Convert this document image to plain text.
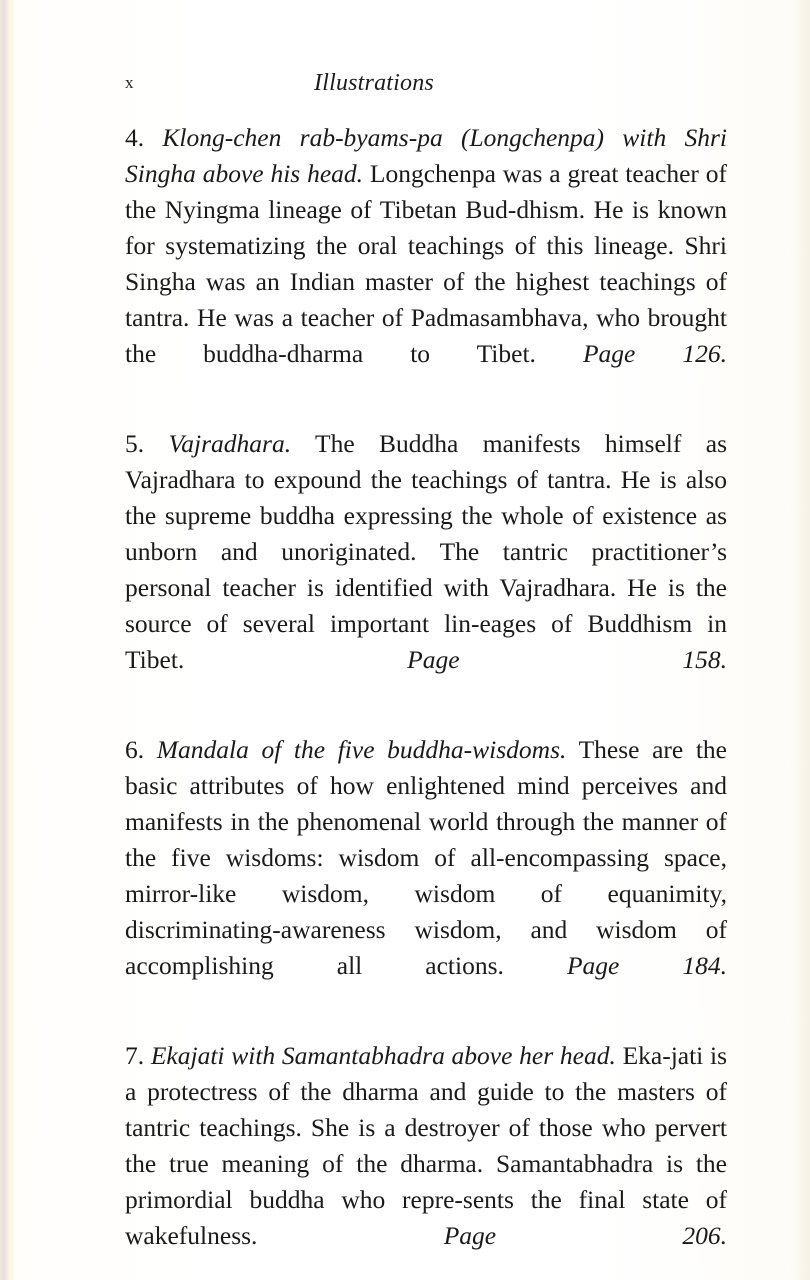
x	Illustrations

4. Klong-chen rab-byams-pa (Longchenpa) with Shri Singha above his head. Longchenpa was a great teacher of the Nyingma lineage of Tibetan Bud-dhism. He is known for systematizing the oral teachings of this lineage. Shri Singha was an Indian master of the highest teachings of tantra. He was a teacher of Padmasambhava, who brought the buddha-dharma to Tibet. Page 126.

5. Vajradhara. The Buddha manifests himself as Vajradhara to expound the teachings of tantra. He is also the supreme buddha expressing the whole of existence as unborn and unoriginated. The tantric practitioner’s personal teacher is identified with Vajradhara. He is the source of several important lin-eages of Buddhism in Tibet.	Page 158.

6. Mandala of the five buddha-wisdoms. These are the basic attributes of how enlightened mind perceives and manifests in the phenomenal world through the manner of the five wisdoms: wisdom of all-encompassing space, mirror-like wisdom, wisdom of equanimity, discriminating-awareness wisdom, and wisdom of accomplishing all actions. Page 184.

7. Ekajati with Samantabhadra above her head. Eka-jati is a protectress of the dharma and guide to the masters of tantric teachings. She is a destroyer of those who pervert the true meaning of the dharma. Samantabhadra is the primordial buddha who repre-sents the final state of wakefulness.	Page 206.
